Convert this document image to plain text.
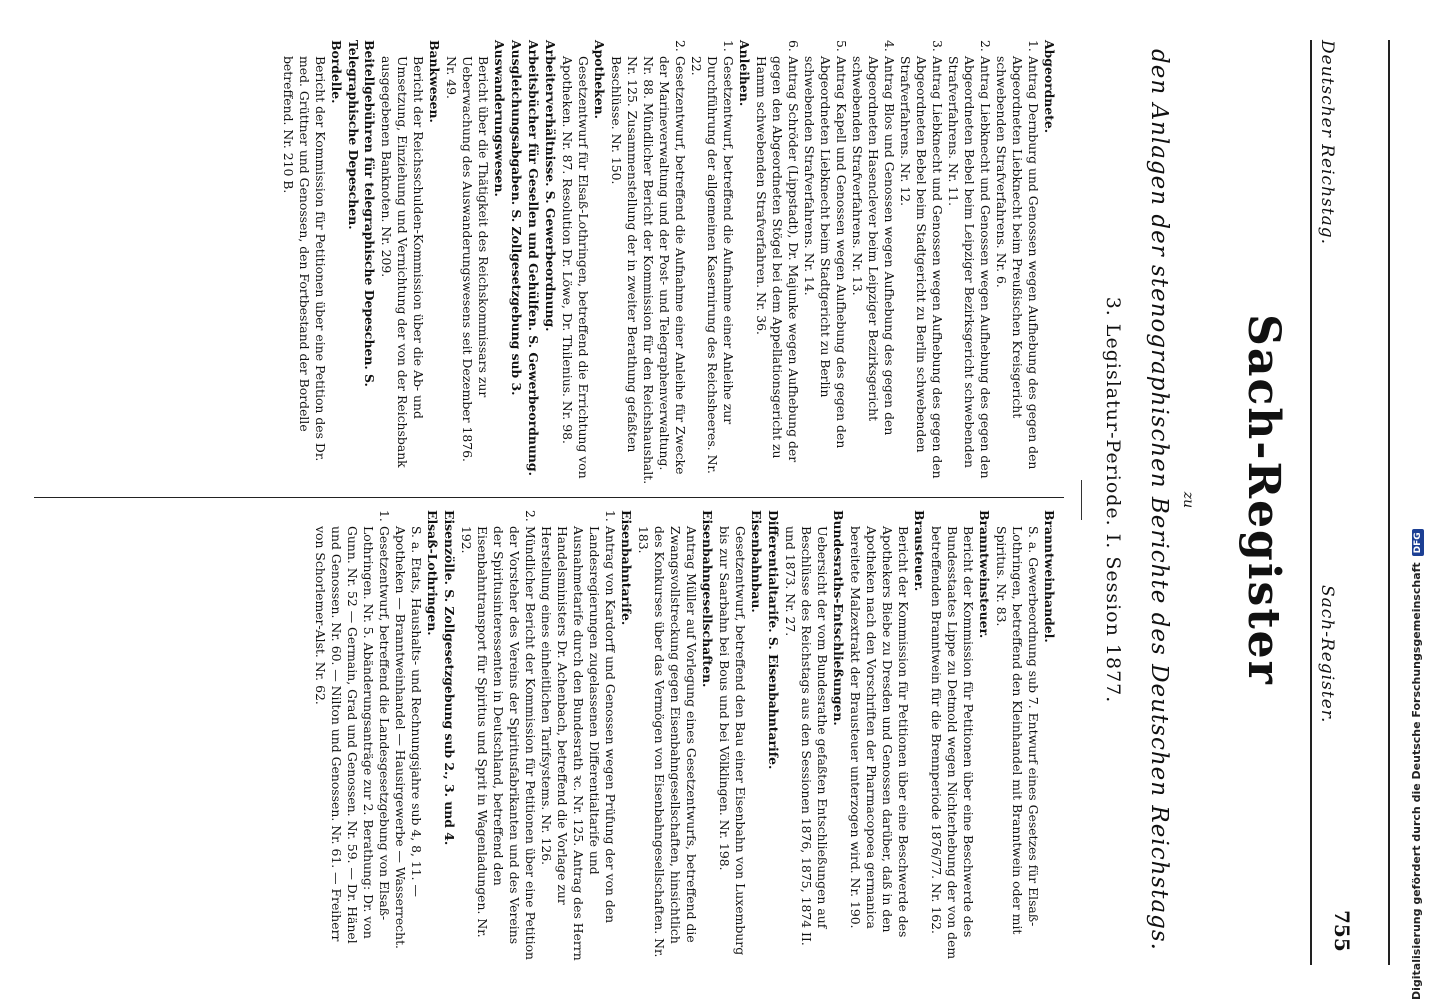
Deutscher Reichstag.
Sach-Register.
755
Sach-Register
zu
den Anlagen der stenographischen Berichte des Deutschen Reichstags.
3. Legislatur-Periode. I. Session 1877.
Abgeordnete.
1.Antrag Dernburg und Genossen wegen Aufhebung des gegen den Abgeordneten Liebknecht beim Preußischen Kreisgericht schwebenden Strafverfahrens. Nr. 6.
2.Antrag Liebknecht und Genossen wegen Aufhebung des gegen den Abgeordneten Bebel beim Leipziger Bezirksgericht schwebenden Strafverfahrens. Nr. 11.
3.Antrag Liebknecht und Genossen wegen Aufhebung des gegen den Abgeordneten Bebel beim Stadtgericht zu Berlin schwebenden Strafverfahrens. Nr. 12.
4.Antrag Blos und Genossen wegen Aufhebung des gegen den Abgeordneten Hasenclever beim Leipziger Bezirksgericht schwebenden Strafverfahrens. Nr. 13.
5.Antrag Kapell und Genossen wegen Aufhebung des gegen den Abgeordneten Liebknecht beim Stadtgericht zu Berlin schwebenden Strafverfahrens. Nr. 14.
6.Antrag Schröder (Lippstadt), Dr. Majunke wegen Aufhebung der gegen den Abgeordneten Stögel bei dem Appellationsgericht zu Hamm schwebenden Strafverfahren. Nr. 36.
Anleihen.
1.Gesetzentwurf, betreffend die Aufnahme einer Anleihe zur Durchführung der allgemeinen Kasernirung des Reichsheeres. Nr. 22.
2.Gesetzentwurf, betreffend die Aufnahme einer Anleihe für Zwecke der Marineverwaltung und der Post- und Telegraphenverwaltung. Nr. 88. Mündlicher Bericht der Kommission für den Reichshaushalt. Nr. 125. Zusammenstellung der in zweiter Berathung gefaßten Beschlüsse. Nr. 150.
Apotheken.
Gesetzentwurf für Elsaß-Lothringen, betreffend die Errichtung von Apotheken. Nr. 87. Resolution Dr. Löwe, Dr. Thilenius. Nr. 98.
Arbeiterverhältnisse. S. Gewerbeordnung.
Arbeitsbücher für Gesellen und Gehülfen. S. Gewerbeordnung.
Ausgleichungsabgaben. S. Zollgesetzgebung sub 3.
Auswanderungswesen.
Bericht über die Thätigkeit des Reichskommissars zur Ueberwachung des Auswanderungswesens seit Dezember 1876. Nr. 49.
Bankwesen.
Bericht der Reichsschulden-Kommission über die Ab- und Umsetzung, Einziehung und Vernichtung der von der Reichsbank ausgegebenen Banknoten. Nr. 209.
Beitellgebühren für telegraphische Depeschen. S. Telegraphische Depeschen.
Bordelle.
Bericht der Kommission für Petitionen über eine Petition des Dr. med. Grüttner und Genossen, den Fortbestand der Bordelle betreffend. Nr. 210 B.
Branntweinhandel.
S. a. Gewerbeordnung sub 7. Entwurf eines Gesetzes für Elsaß-Lothringen, betreffend den Kleinhandel mit Branntwein oder mit Spiritus. Nr. 83.
Branntweinsteuer.
Bericht der Kommission für Petitionen über eine Beschwerde des Bundesstaates Lippe zu Detmold wegen Nichterhebung der von dem betreffenden Branntwein für die Brennperiode 1876/77. Nr. 162.
Brausteuer.
Bericht der Kommission für Petitionen über eine Beschwerde des Apothekers Biebe zu Dresden und Genossen darüber, daß in den Apotheken nach den Vorschriften der Pharmacopoea germanica bereitete Malzextrakt der Brausteuer unterzogen wird. Nr. 190.
Bundesraths-Entschließungen.
Uebersicht der vom Bundesrathe gefaßten Entschließungen auf Beschlüsse des Reichstags aus den Sessionen 1876, 1875, 1874 II. und 1873. Nr. 27.
Differentialtarife. S. Eisenbahntarife.
Eisenbahnbau.
Gesetzentwurf, betreffend den Bau einer Eisenbahn von Luxemburg bis zur Saarbahn bei Bous und bei Völklingen. Nr. 198.
Eisenbahngesellschaften.
Antrag Müller auf Vorlegung eines Gesetzentwurfs, betreffend die Zwangsvollstreckung gegen Eisenbahngesellschaften, hinsichtlich des Konkurses über das Vermögen von Eisenbahngesellschaften. Nr. 183.
Eisenbahntarife.
1.Antrag von Kardorff und Genossen wegen Prüfung der von den Landesregierungen zugelassenen Differentialtarife und Ausnahmetarife durch den Bundesrath ꝛc. Nr. 125. Antrag des Herrn Handelsministers Dr. Achenbach, betreffend die Vorlage zur Herstellung eines einheitlichen Tarifsystems. Nr. 126.
2.Mündlicher Bericht der Kommission für Petitionen über eine Petition der Vorsteher des Vereins der Spiritusfabrikanten und des Vereins der Spiritusinteressenten in Deutschland, betreffend den Eisenbahntransport für Spiritus und Sprit in Wagenladungen. Nr. 192.
Eisenzölle. S. Zollgesetzgebung sub 2., 3. und 4.
Elsaß-Lothringen.
S. a. Etats, Haushalts- und Rechnungsjahre sub 4, 8, 11. — Apotheken — Branntweinhandel — Hausirgewerbe — Wasserrecht.
1.Gesetzentwurf, betreffend die Landesgesetzgebung von Elsaß-Lothringen. Nr. 5. Abänderungsanträge zur 2. Berathung: Dr. von Gunn. Nr. 52 — Germain, Grad und Genossen. Nr. 59. — Dr. Hänel und Genossen. Nr. 60. — Nilton und Genossen. Nr. 61. — Freiherr von Schorlemer-Alst. Nr. 62.	Digitalisierung gefördert durch die Deutsche ForschungsgemeinschaftDFG
